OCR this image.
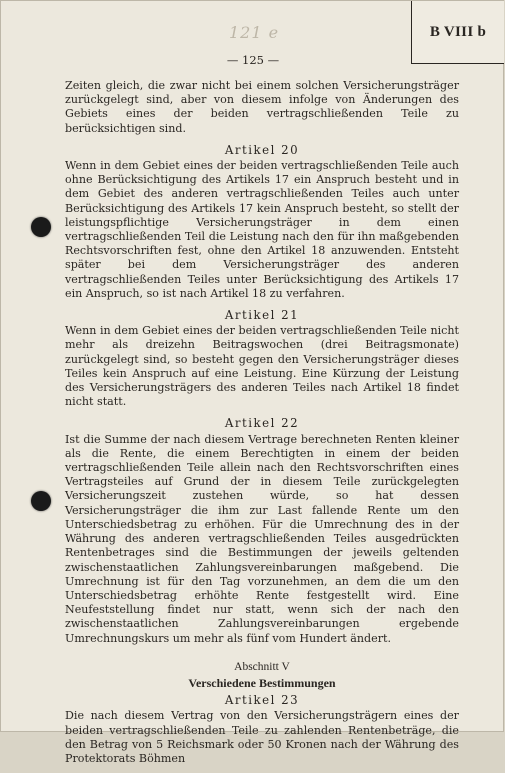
B VIII b
121 e
— 125 —

Zeiten gleich, die zwar nicht bei einem solchen Versicherungsträger zurückgelegt sind, aber von diesem infolge von Änderungen des Gebiets eines der beiden vertragschließenden Teile zu berücksichtigen sind.

Artikel 20

Wenn in dem Gebiet eines der beiden vertragschließenden Teile auch ohne Berücksichtigung des Artikels 17 ein Anspruch besteht und in dem Gebiet des anderen vertragschließenden Teiles auch unter Berücksichtigung des Artikels 17 kein Anspruch besteht, so stellt der leistungspflichtige Versicherungsträger in dem einen vertragschließenden Teil die Leistung nach den für ihn maßgebenden Rechtsvorschriften fest, ohne den Artikel 18 anzuwenden. Entsteht später bei dem Versicherungsträger des anderen vertragschließenden Teiles unter Berücksichtigung des Artikels 17 ein Anspruch, so ist nach Artikel 18 zu verfahren.

Artikel 21

Wenn in dem Gebiet eines der beiden vertragschließenden Teile nicht mehr als dreizehn Beitragswochen (drei Beitragsmonate) zurückgelegt sind, so besteht gegen den Versicherungsträger dieses Teiles kein Anspruch auf eine Leistung. Eine Kürzung der Leistung des Versicherungsträgers des anderen Teiles nach Artikel 18 findet nicht statt.

Artikel 22

Ist die Summe der nach diesem Vertrage berechneten Renten kleiner als die Rente, die einem Berechtigten in einem der beiden vertragschließenden Teile allein nach den Rechtsvorschriften eines Vertragsteiles auf Grund der in diesem Teile zurückgelegten Versicherungszeit zustehen würde, so hat dessen Versicherungsträger die ihm zur Last fallende Rente um den Unterschiedsbetrag zu erhöhen. Für die Umrechnung des in der Währung des anderen vertragschließenden Teiles ausgedrückten Rentenbetrages sind die Bestimmungen der jeweils geltenden zwischenstaatlichen Zahlungsvereinbarungen maßgebend. Die Umrechnung ist für den Tag vorzunehmen, an dem die um den Unterschiedsbetrag erhöhte Rente festgestellt wird. Eine Neufeststellung findet nur statt, wenn sich der nach den zwischenstaatlichen Zahlungsvereinbarungen ergebende Umrechnungskurs um mehr als fünf vom Hundert ändert.

Abschnitt V
Verschiedene Bestimmungen
Artikel 23

Die nach diesem Vertrag von den Versicherungsträgern eines der beiden vertragschließenden Teile zu zahlenden Rentenbeträge, die den Betrag von 5 Reichsmark oder 50 Kronen nach der Währung des Protektorats Böhmen
